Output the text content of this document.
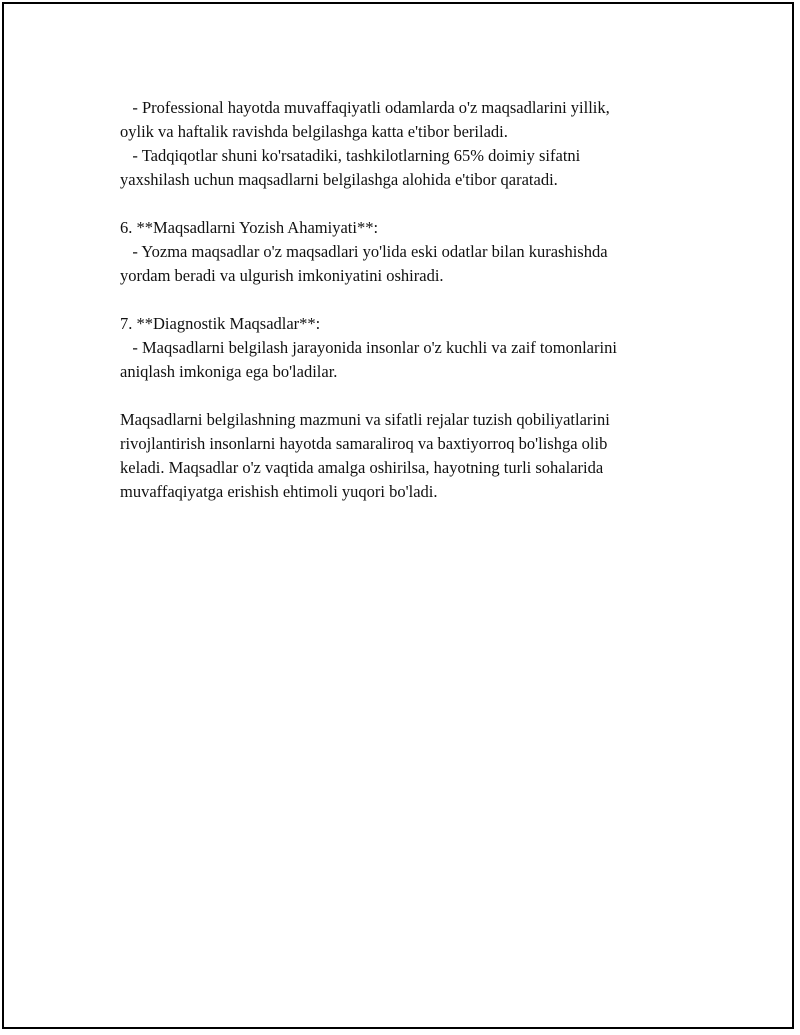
- Professional hayotda muvaffaqiyatli odamlarda o'z maqsadlarini yillik,
oylik va haftalik ravishda belgilashga katta e'tibor beriladi.
- Tadqiqotlar shuni ko'rsatadiki, tashkilotlarning 65% doimiy sifatni
yaxshilash uchun maqsadlarni belgilashga alohida e'tibor qaratadi.
6. **Maqsadlarni Yozish Ahamiyati**:
- Yozma maqsadlar o'z maqsadlari yo'lida eski odatlar bilan kurashishda
yordam beradi va ulgurish imkoniyatini oshiradi.
7. **Diagnostik Maqsadlar**:
- Maqsadlarni belgilash jarayonida insonlar o'z kuchli va zaif tomonlarini
aniqlash imkoniga ega bo'ladilar.
Maqsadlarni belgilashning mazmuni va sifatli rejalar tuzish qobiliyatlarini
rivojlantirish insonlarni hayotda samaraliroq va baxtiyorroq bo'lishga olib
keladi. Maqsadlar o'z vaqtida amalga oshirilsa, hayotning turli sohalarida
muvaffaqiyatga erishish ehtimoli yuqori bo'ladi.
